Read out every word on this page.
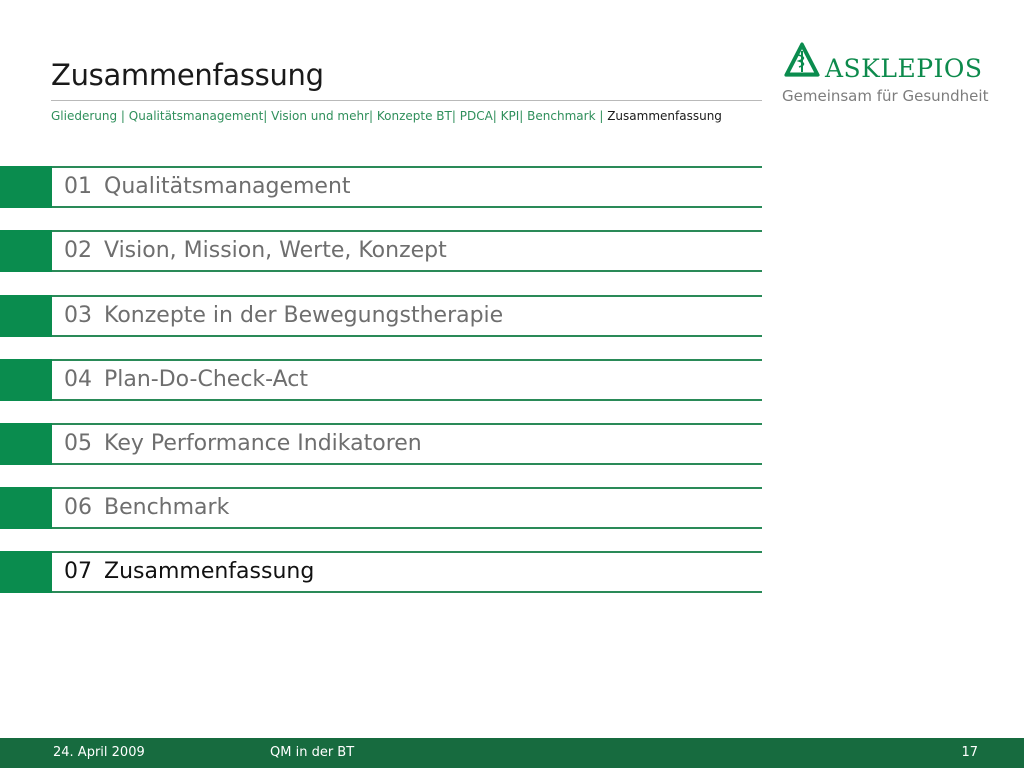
Zusammenfassung
Gliederung | Qualitätsmanagement| Vision und mehr| Konzepte BT| PDCA| KPI| Benchmark | Zusammenfassung
ASKLEPIOS
Gemeinsam für Gesundheit
01 Qualitätsmanagement
02 Vision, Mission, Werte, Konzept
03 Konzepte in der Bewegungstherapie
04 Plan-Do-Check-Act
05 Key Performance Indikatoren
06 Benchmark
07 Zusammenfassung
24. April 2009	QM in der BT	17
